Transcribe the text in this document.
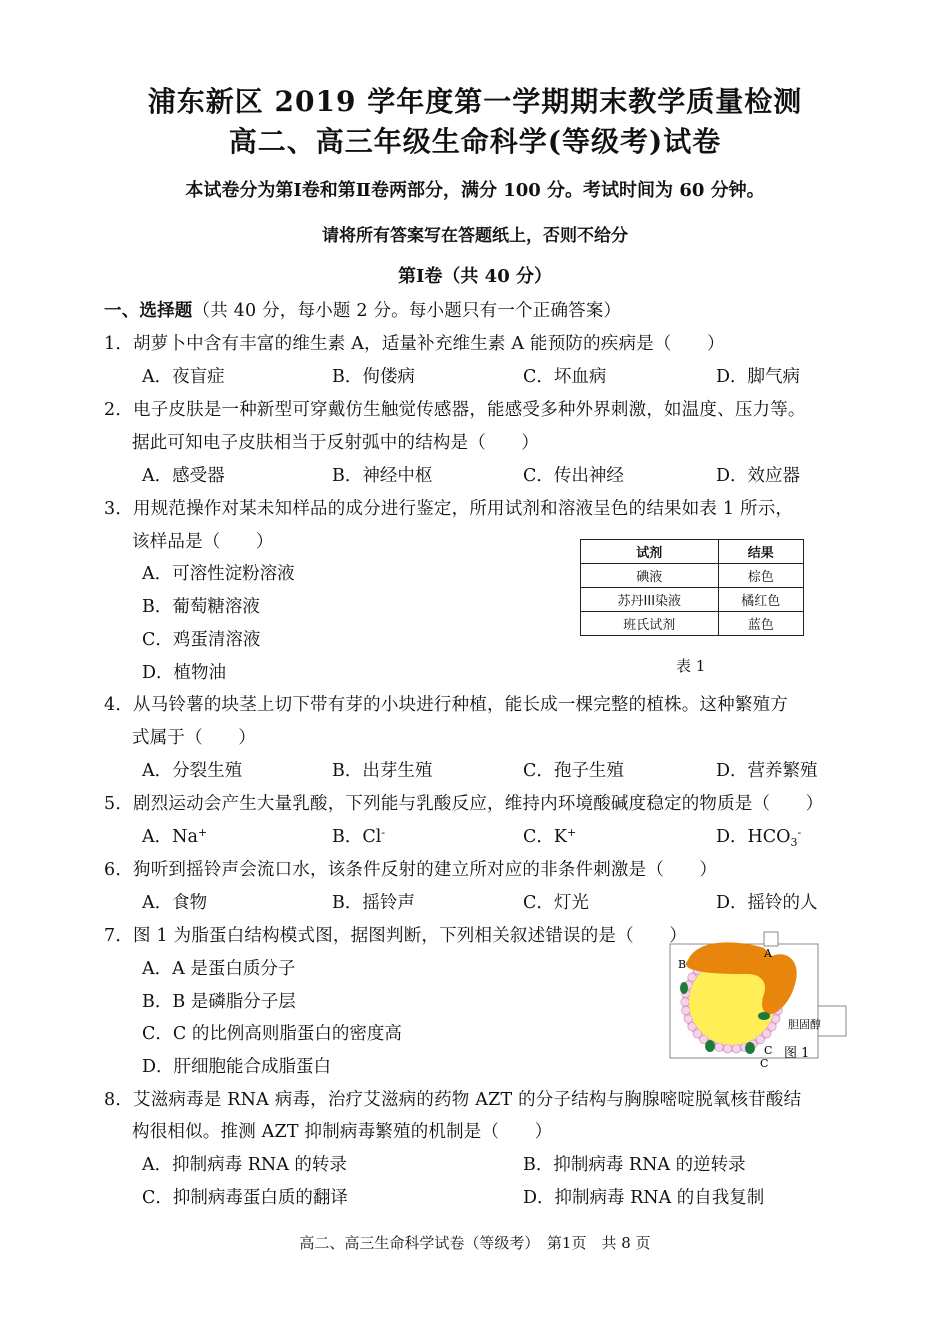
浦东新区 2019 学年度第一学期期末教学质量检测
高二、高三年级生命科学(等级考)试卷
本试卷分为第Ⅰ卷和第Ⅱ卷两部分，满分 100 分。考试时间为 60 分钟。
请将所有答案写在答题纸上，否则不给分
第Ⅰ卷（共 40 分）
一、选择题（共 40 分，每小题 2 分。每小题只有一个正确答案）
1．胡萝卜中含有丰富的维生素 A，适量补充维生素 A 能预防的疾病是（　　）
A．夜盲症	B．佝偻病	C．坏血病	D．脚气病
2．电子皮肤是一种新型可穿戴仿生触觉传感器，能感受多种外界刺激，如温度、压力等。
据此可知电子皮肤相当于反射弧中的结构是（　　）
A．感受器	B．神经中枢	C．传出神经	D．效应器
3．用规范操作对某未知样品的成分进行鉴定，所用试剂和溶液呈色的结果如表 1 所示，
该样品是（　　）
A．可溶性淀粉溶液
B．葡萄糖溶液
C．鸡蛋清溶液
D．植物油
试剂	结果
碘液	棕色
苏丹III染液	橘红色
班氏试剂	蓝色
表 1
4．从马铃薯的块茎上切下带有芽的小块进行种植，能长成一棵完整的植株。这种繁殖方
式属于（　　）
A．分裂生殖	B．出芽生殖	C．孢子生殖	D．营养繁殖
5．剧烈运动会产生大量乳酸，下列能与乳酸反应，维持内环境酸碱度稳定的物质是（　　）
A．Na+	B．Cl-	C．K+	D．$HCO_3^-$
6．狗听到摇铃声会流口水，该条件反射的建立所对应的非条件刺激是（　　）
A．食物	B．摇铃声	C．灯光	D．摇铃的人
7．图 1 为脂蛋白结构模式图，据图判断，下列相关叙述错误的是（　　）
A．A 是蛋白质分子
B．B 是磷脂分子层
C．C 的比例高则脂蛋白的密度高
D．肝细胞能合成脂蛋白
A
B
C
C
胆固醇
图 1
8．艾滋病毒是 RNA 病毒，治疗艾滋病的药物 AZT 的分子结构与胸腺嘧啶脱氧核苷酸结
构很相似。推测 AZT 抑制病毒繁殖的机制是（　　）
A．抑制病毒 RNA 的转录	B．抑制病毒 RNA 的逆转录
C．抑制病毒蛋白质的翻译	D．抑制病毒 RNA 的自我复制
高二、高三生命科学试卷（等级考）　第1页　共 8 页
